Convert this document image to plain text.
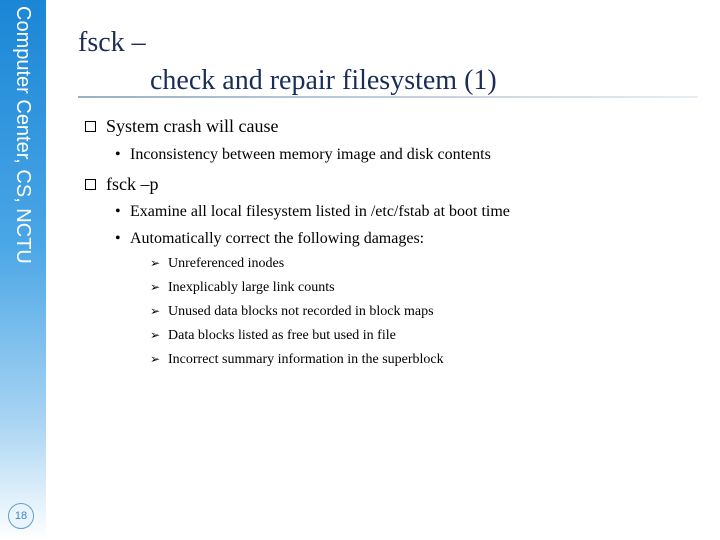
Computer Center, CS, NCTU
18
fsck –
check and repair filesystem (1)
System crash will cause
• Inconsistency between memory image and disk contents
fsck –p
• Examine all local filesystem listed in /etc/fstab at boot time
• Automatically correct the following damages:
➢ Unreferenced inodes
➢ Inexplicably large link counts
➢ Unused data blocks not recorded in block maps
➢ Data blocks listed as free but used in file
➢ Incorrect summary information in the superblock
